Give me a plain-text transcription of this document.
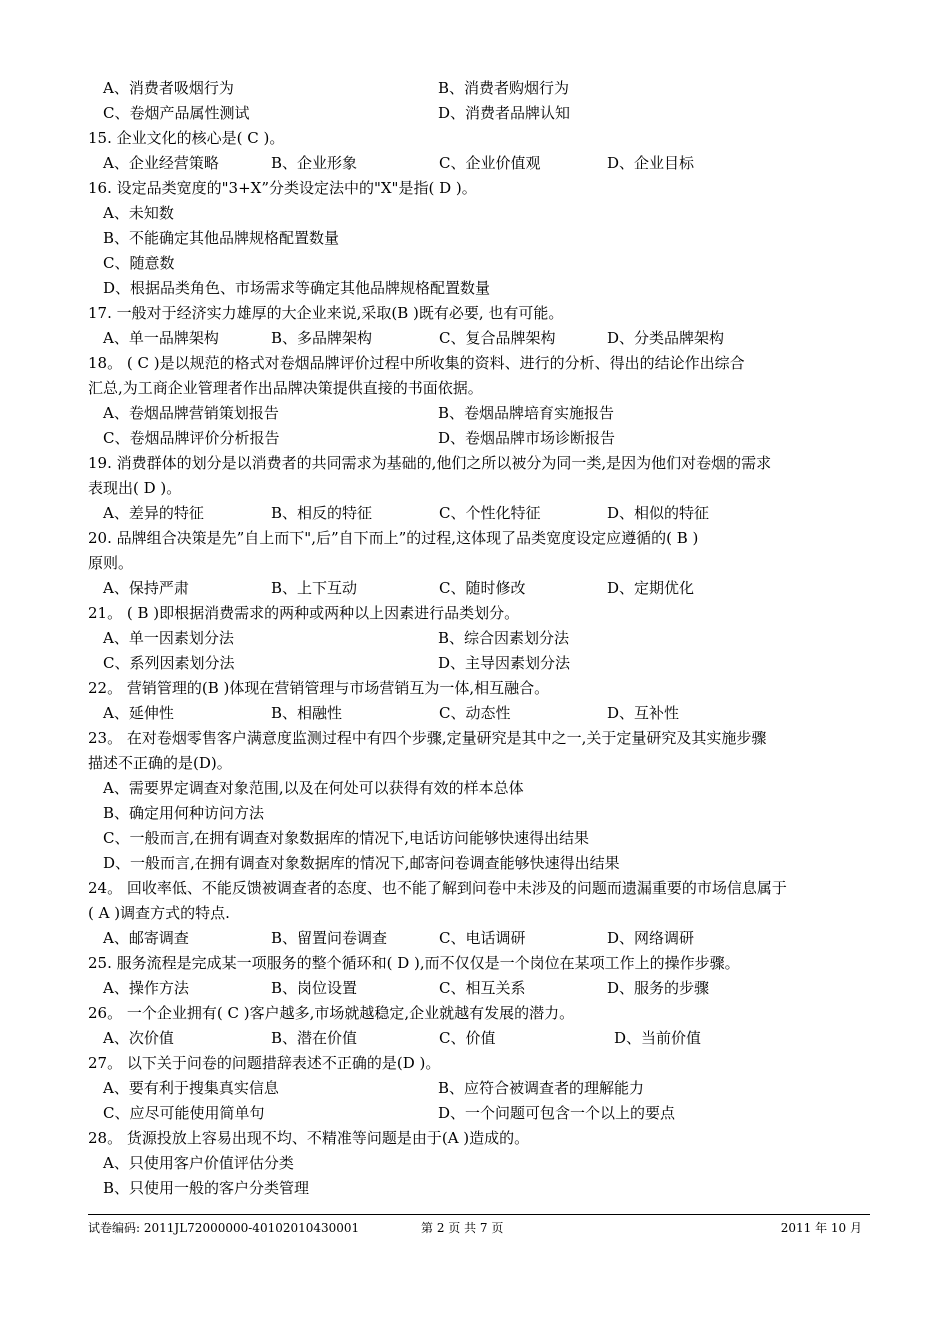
A、消费者吸烟行为	B、消费者购烟行为
C、卷烟产品属性测试	D、消费者品牌认知
15. 企业文化的核心是( C )。
A、企业经营策略	B、企业形象	C、企业价值观	D、企业目标
16. 设定品类宽度的"3+X”分类设定法中的"X"是指( D )。
A、未知数
B、不能确定其他品牌规格配置数量
C、随意数
D、根据品类角色、市场需求等确定其他品牌规格配置数量
17. 一般对于经济实力雄厚的大企业来说,采取(B )既有必要, 也有可能。
A、单一品牌架构	B、多品牌架构	C、复合品牌架构	D、分类品牌架构
18。 ( C )是以规范的格式对卷烟品牌评价过程中所收集的资料、进行的分析、得出的结论作出综合
汇总,为工商企业管理者作出品牌决策提供直接的书面依据。
A、卷烟品牌营销策划报告	B、卷烟品牌培育实施报告
C、卷烟品牌评价分析报告	D、卷烟品牌市场诊断报告
19. 消费群体的划分是以消费者的共同需求为基础的,他们之所以被分为同一类,是因为他们对卷烟的需求
表现出( D )。
A、差异的特征	B、相反的特征	C、个性化特征	D、相似的特征
20. 品牌组合决策是先”自上而下",后”自下而上”的过程,这体现了品类宽度设定应遵循的( B )
原则。
A、保持严肃	B、上下互动	C、随时修改	D、定期优化
21。 ( B )即根据消费需求的两种或两种以上因素进行品类划分。
A、单一因素划分法	B、综合因素划分法
C、系列因素划分法	D、主导因素划分法
22。 营销管理的(B )体现在营销管理与市场营销互为一体,相互融合。
A、延伸性	B、相融性	C、动态性	D、互补性
23。 在对卷烟零售客户满意度监测过程中有四个步骤,定量研究是其中之一,关于定量研究及其实施步骤
描述不正确的是(D)。
A、需要界定调查对象范围,以及在何处可以获得有效的样本总体
B、确定用何种访问方法
C、一般而言,在拥有调查对象数据库的情况下,电话访问能够快速得出结果
D、一般而言,在拥有调查对象数据库的情况下,邮寄问卷调查能够快速得出结果
24。 回收率低、不能反馈被调查者的态度、也不能了解到问卷中未涉及的问题而遗漏重要的市场信息属于
( A )调查方式的特点.
A、邮寄调查	B、留置问卷调查	C、电话调研	D、网络调研
25. 服务流程是完成某一项服务的整个循环和( D ),而不仅仅是一个岗位在某项工作上的操作步骤。
A、操作方法	B、岗位设置	C、相互关系	D、服务的步骤
26。 一个企业拥有( C )客户越多,市场就越稳定,企业就越有发展的潜力。
A、次价值	B、潜在价值	C、价值	D、当前价值
27。 以下关于问卷的问题措辞表述不正确的是(D )。
A、要有利于搜集真实信息	B、应符合被调查者的理解能力
C、应尽可能使用简单句	D、一个问题可包含一个以上的要点
28。 货源投放上容易出现不均、不精准等问题是由于(A )造成的。
A、只使用客户价值评估分类
B、只使用一般的客户分类管理
试卷编码: 2011JL72000000-40102010430001	第 2 页 共 7 页	2011 年 10 月
